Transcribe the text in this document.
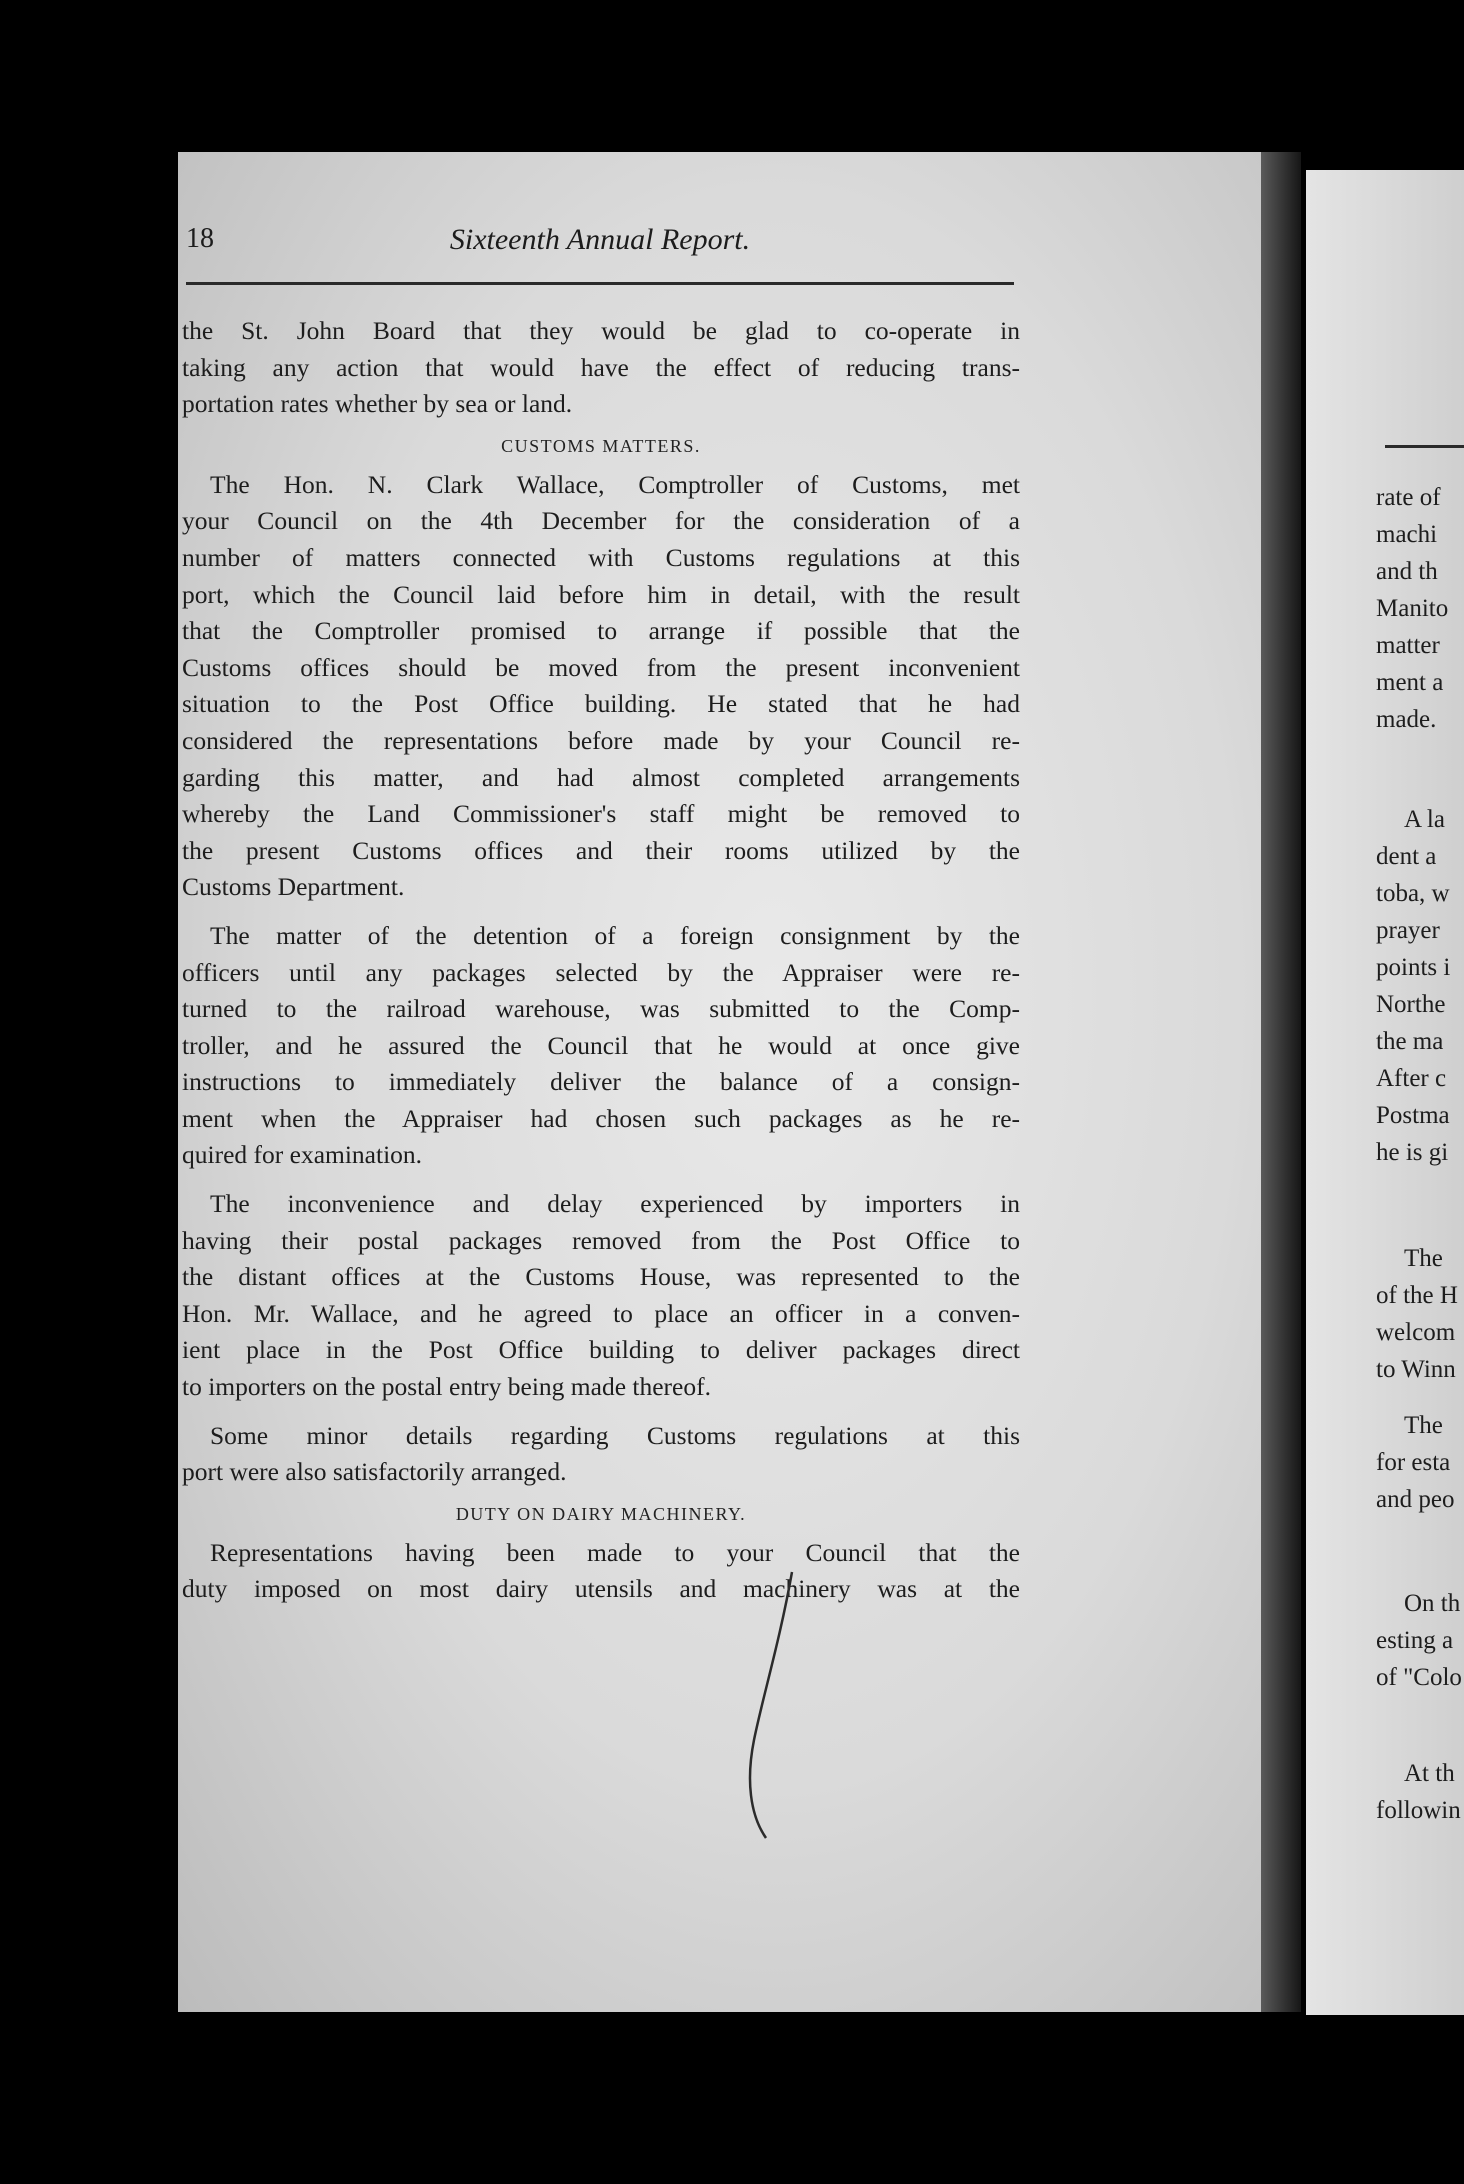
18	Sixteenth Annual Report.

the St. John Board that they would be glad to co-operate in
taking any action that would have the effect of reducing trans-
portation rates whether by sea or land.

CUSTOMS MATTERS.

The Hon. N. Clark Wallace, Comptroller of Customs, met
your Council on the 4th December for the consideration of a
number of matters connected with Customs regulations at this
port, which the Council laid before him in detail, with the result
that the Comptroller promised to arrange if possible that the
Customs offices should be moved from the present inconvenient
situation to the Post Office building. He stated that he had
considered the representations before made by your Council re-
garding this matter, and had almost completed arrangements
whereby the Land Commissioner's staff might be removed to
the present Customs offices and their rooms utilized by the
Customs Department.

The matter of the detention of a foreign consignment by the
officers until any packages selected by the Appraiser were re-
turned to the railroad warehouse, was submitted to the Comp-
troller, and he assured the Council that he would at once give
instructions to immediately deliver the balance of a consign-
ment when the Appraiser had chosen such packages as he re-
quired for examination.

The inconvenience and delay experienced by importers in
having their postal packages removed from the Post Office to
the distant offices at the Customs House, was represented to the
Hon. Mr. Wallace, and he agreed to place an officer in a conven-
ient place in the Post Office building to deliver packages direct
to importers on the postal entry being made thereof.

Some minor details regarding Customs regulations at this
port were also satisfactorily arranged.

DUTY ON DAIRY MACHINERY.

Representations having been made to your Council that the
duty imposed on most dairy utensils and machinery was at the

rate of
machi
and th
Manito
matter
ment a
made.
A la
dent a
toba, w
prayer
points i
Northe
the ma
After c
Postma
he is gi
The
of the H
welcom
to Winn
The
for esta
and peo
On th
esting a
of "Colo
At th
followin
